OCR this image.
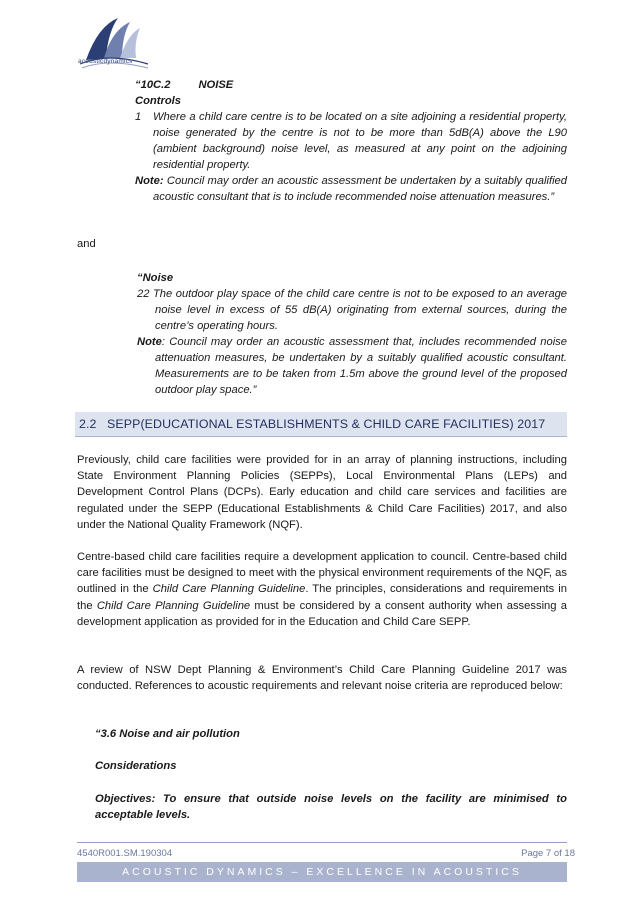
acousticdynamics
“10C.2	NOISE
Controls
1	Where a child care centre is to be located on a site adjoining a residential property, noise generated by the centre is not to be more than 5dB(A) above the L90 (ambient background) noise level, as measured at any point on the adjoining residential property.
Note: Council may order an acoustic assessment be undertaken by a suitably qualified acoustic consultant that is to include recommended noise attenuation measures.”
and
“Noise
22 The outdoor play space of the child care centre is not to be exposed to an average noise level in excess of 55 dB(A) originating from external sources, during the centre’s operating hours.
Note: Council may order an acoustic assessment that, includes recommended noise attenuation measures, be undertaken by a suitably qualified acoustic consultant. Measurements are to be taken from 1.5m above the ground level of the proposed outdoor play space.”
2.2 SEPP(EDUCATIONAL ESTABLISHMENTS & CHILD CARE FACILITIES) 2017
Previously, child care facilities were provided for in an array of planning instructions, including State Environment Planning Policies (SEPPs), Local Environmental Plans (LEPs) and Development Control Plans (DCPs). Early education and child care services and facilities are regulated under the SEPP (Educational Establishments & Child Care Facilities) 2017, and also under the National Quality Framework (NQF).
Centre-based child care facilities require a development application to council. Centre-based child care facilities must be designed to meet with the physical environment requirements of the NQF, as outlined in the Child Care Planning Guideline. The principles, considerations and requirements in the Child Care Planning Guideline must be considered by a consent authority when assessing a development application as provided for in the Education and Child Care SEPP.
A review of NSW Dept Planning & Environment’s Child Care Planning Guideline 2017 was conducted. References to acoustic requirements and relevant noise criteria are reproduced below:
“3.6 Noise and air pollution
Considerations
Objectives: To ensure that outside noise levels on the facility are minimised to acceptable levels.
4540R001.SM.190304	Page 7 of 18
ACOUSTIC DYNAMICS – EXCELLENCE IN ACOUSTICS
